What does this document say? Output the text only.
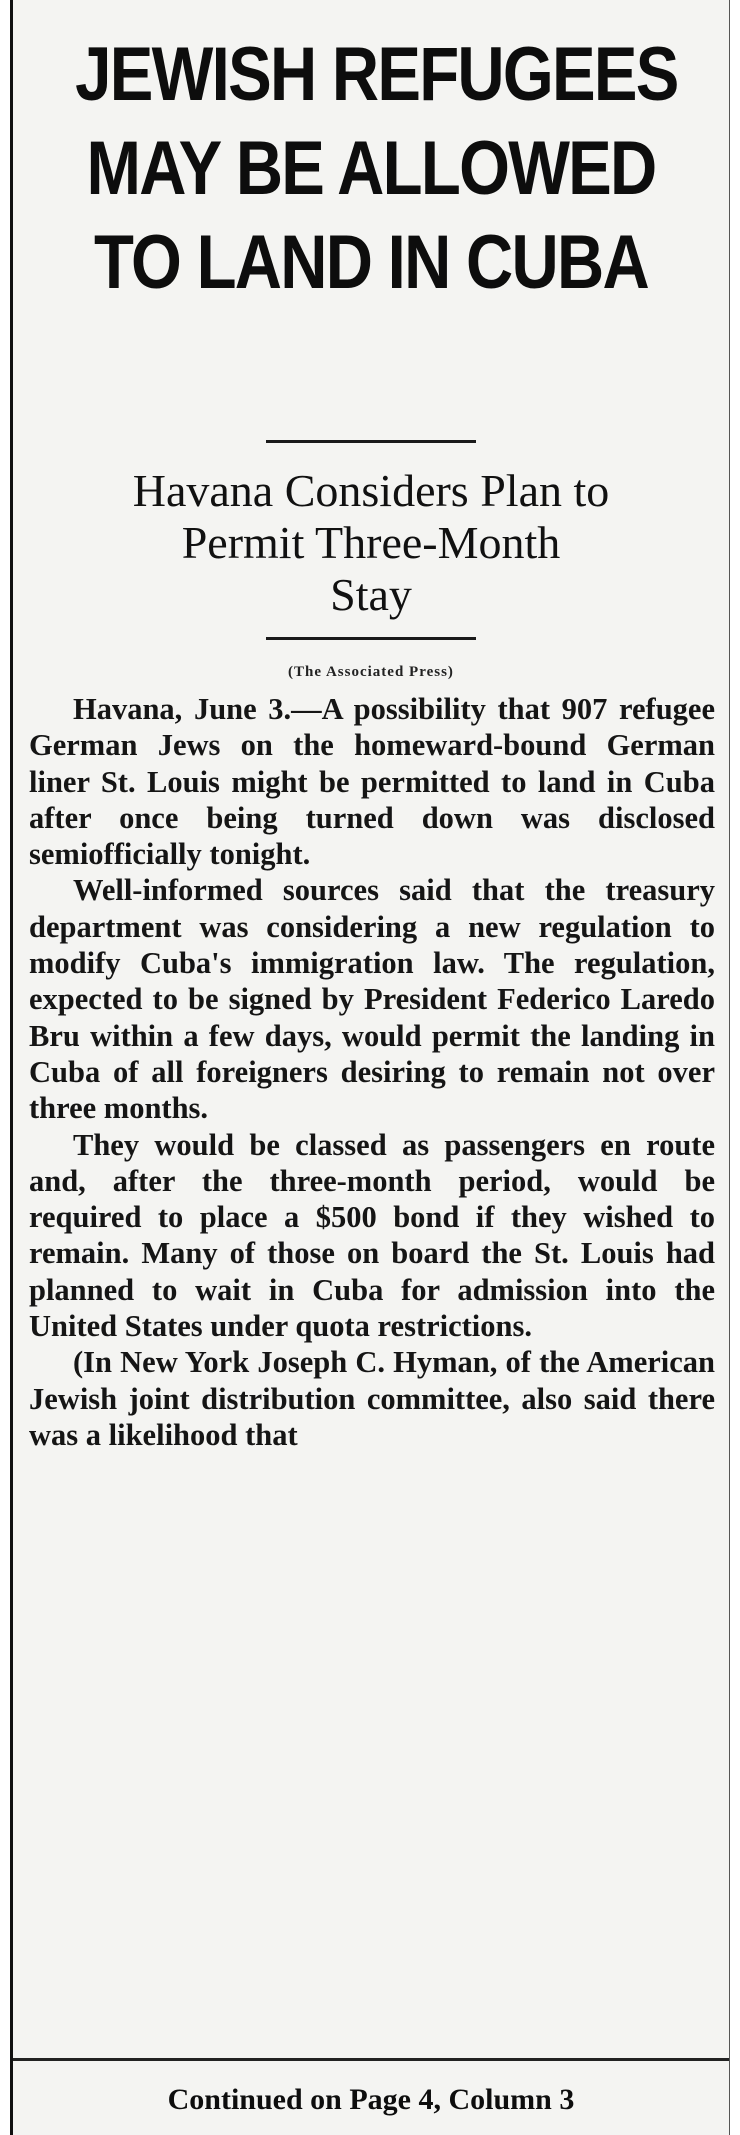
JEWISH REFUGEES
MAY BE ALLOWED
TO LAND IN CUBA
Havana Considers Plan to
Permit Three-Month
Stay
(The Associated Press)

Havana, June 3.—A possibility that 907 refugee German Jews on the homeward-bound German liner St. Louis might be permitted to land in Cuba after once being turned down was disclosed semiofficially tonight.

Well-informed sources said that the treasury department was considering a new regulation to modify Cuba's immigration law. The regulation, expected to be signed by President Federico Laredo Bru within a few days, would permit the landing in Cuba of all foreigners desiring to remain not over three months.

They would be classed as passengers en route and, after the three-month period, would be required to place a $500 bond if they wished to remain. Many of those on board the St. Louis had planned to wait in Cuba for admission into the United States under quota restrictions.

(In New York Joseph C. Hyman, of the American Jewish joint distribution committee, also said there was a likelihood that

Continued on Page 4, Column 3
